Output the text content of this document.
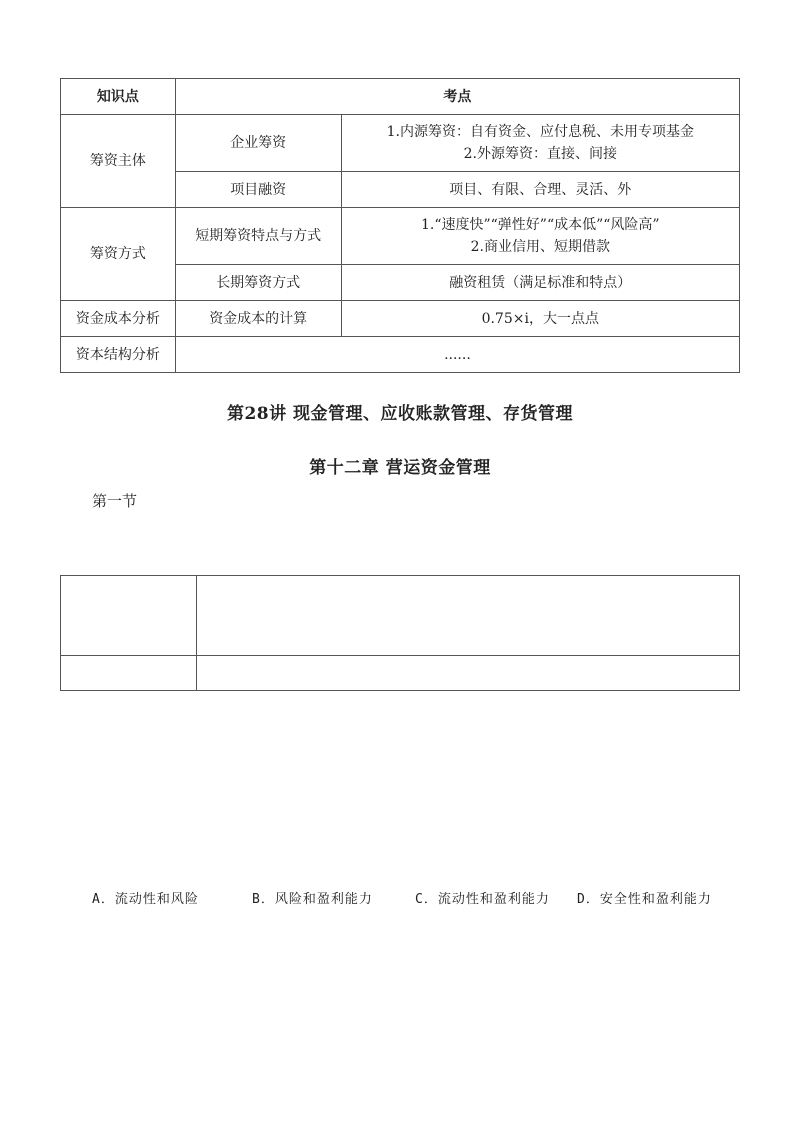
知识点	考点	
筹资主体	企业筹资	1.内源筹资：自有资金、应付息税、未用专项基金
2.外源筹资：直接、间接

	项目融资	项目、有限、合理、灵活、外
筹资方式	短期筹资特点与方式	1.“速度快”“弹性好”“成本低”“风险高”
2.商业信用、短期借款

	长期筹资方式	融资租赁（满足标准和特点）
资金成本分析	资金成本的计算	0.75×i，大一点点
资本结构分析	......	
第28讲 现金管理、应收账款管理、存货管理
第十二章 营运资金管理
第一节

A．流动性和风险	B．风险和盈利能力	C．流动性和盈利能力 D．安全性和盈利能力
